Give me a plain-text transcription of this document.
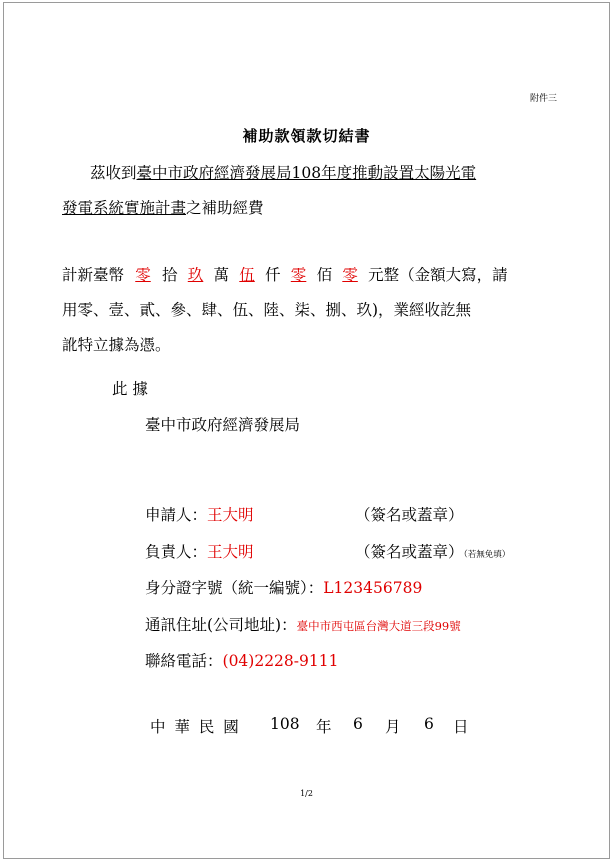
附件三
補助款領款切結書
茲收到臺中市政府經濟發展局108年度推動設置太陽光電
發電系統實施計畫之補助經費
計新臺幣 零 拾 玖 萬 伍 仟 零 佰 零 元整（金額大寫，請
用零、壹、貳、參、肆、伍、陸、柒、捌、玖)，業經收訖無
訛特立據為憑。
此 據
臺中市政府經濟發展局
申請人：王大明	（簽名或蓋章）
負責人：王大明	（簽名或蓋章）（若無免填）
身分證字號（統一編號）：L123456789
通訊住址(公司地址)：臺中市西屯區台灣大道三段99號
聯絡電話：(04)2228-9111
中 華 民 國 108 年 6 月 6 日
1/2
